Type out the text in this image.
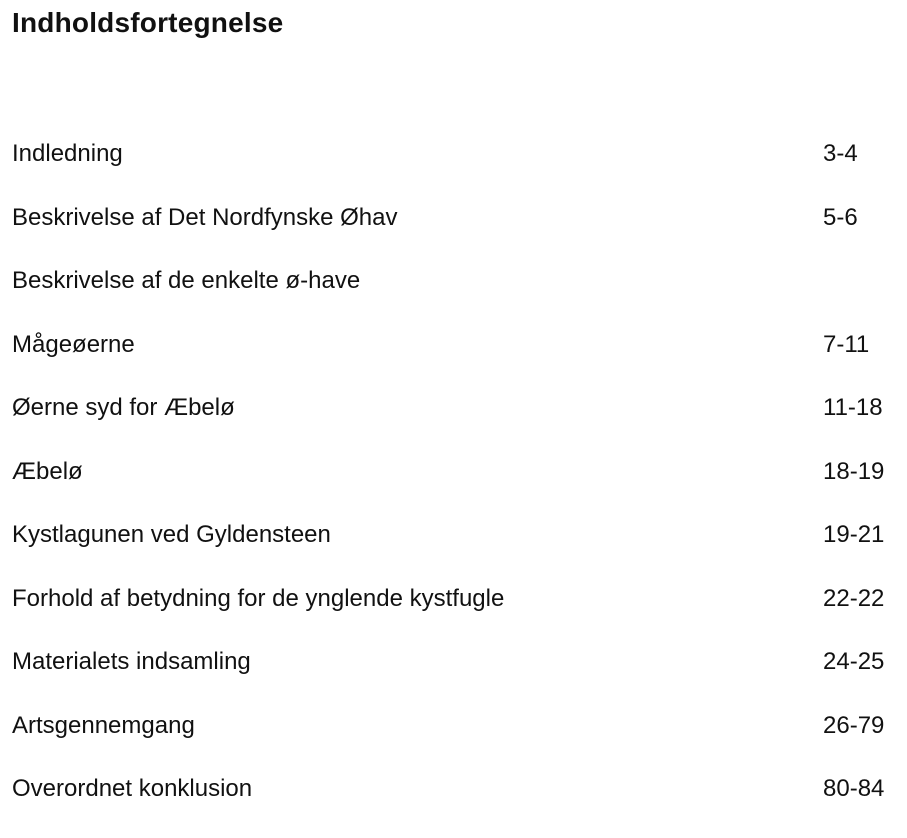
Indholdsfortegnelse
Indledning	3-4
Beskrivelse af Det Nordfynske Øhav	5-6
Beskrivelse af de enkelte ø-have
Mågeøerne	7-11
Øerne syd for Æbelø	11-18
Æbelø	18-19
Kystlagunen ved Gyldensteen	19-21
Forhold af betydning for de ynglende kystfugle	22-22
Materialets indsamling	24-25
Artsgennemgang	26-79
Overordnet konklusion	80-84
